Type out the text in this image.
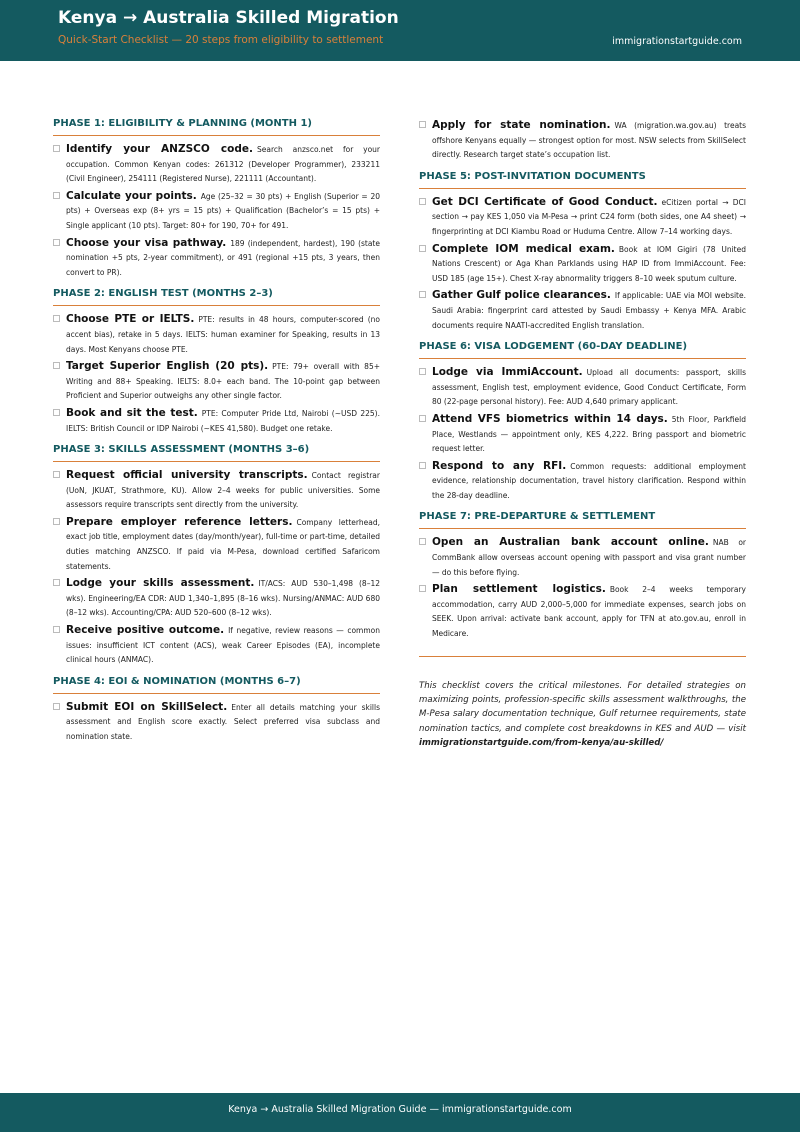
Kenya → Australia Skilled Migration
Quick-Start Checklist — 20 steps from eligibility to settlement	immigrationstartguide.com
PHASE 1: ELIGIBILITY & PLANNING (MONTH 1)
Identify your ANZSCO code. Search anzsco.net for your occupation. Common Kenyan codes: 261312 (Developer Programmer), 233211 (Civil Engineer), 254111 (Registered Nurse), 221111 (Accountant).
Calculate your points. Age (25–32 = 30 pts) + English (Superior = 20 pts) + Overseas exp (8+ yrs = 15 pts) + Qualification (Bachelor’s = 15 pts) + Single applicant (10 pts). Target: 80+ for 190, 70+ for 491.
Choose your visa pathway. 189 (independent, hardest), 190 (state nomination +5 pts, 2-year commitment), or 491 (regional +15 pts, 3 years, then convert to PR).
PHASE 2: ENGLISH TEST (MONTHS 2–3)
Choose PTE or IELTS. PTE: results in 48 hours, computer-scored (no accent bias), retake in 5 days. IELTS: human examiner for Speaking, results in 13 days. Most Kenyans choose PTE.
Target Superior English (20 pts). PTE: 79+ overall with 85+ Writing and 88+ Speaking. IELTS: 8.0+ each band. The 10-point gap between Proficient and Superior outweighs any other single factor.
Book and sit the test. PTE: Computer Pride Ltd, Nairobi (~USD 225). IELTS: British Council or IDP Nairobi (~KES 41,580). Budget one retake.
PHASE 3: SKILLS ASSESSMENT (MONTHS 3–6)
Request official university transcripts. Contact registrar (UoN, JKUAT, Strathmore, KU). Allow 2–4 weeks for public universities. Some assessors require transcripts sent directly from the university.
Prepare employer reference letters. Company letterhead, exact job title, employment dates (day/month/year), full-time or part-time, detailed duties matching ANZSCO. If paid via M-Pesa, download certified Safaricom statements.
Lodge your skills assessment. IT/ACS: AUD 530–1,498 (8–12 wks). Engineering/EA CDR: AUD 1,340–1,895 (8–16 wks). Nursing/ANMAC: AUD 680 (8–12 wks). Accounting/CPA: AUD 520–600 (8–12 wks).
Receive positive outcome. If negative, review reasons — common issues: insufficient ICT content (ACS), weak Career Episodes (EA), incomplete clinical hours (ANMAC).
PHASE 4: EOI & NOMINATION (MONTHS 6–7)
Submit EOI on SkillSelect. Enter all details matching your skills assessment and English score exactly. Select preferred visa subclass and nomination state.
Apply for state nomination. WA (migration.wa.gov.au) treats offshore Kenyans equally — strongest option for most. NSW selects from SkillSelect directly. Research target state’s occupation list.
PHASE 5: POST-INVITATION DOCUMENTS
Get DCI Certificate of Good Conduct. eCitizen portal → DCI section → pay KES 1,050 via M-Pesa → print C24 form (both sides, one A4 sheet) → fingerprinting at DCI Kiambu Road or Huduma Centre. Allow 7–14 working days.
Complete IOM medical exam. Book at IOM Gigiri (78 United Nations Crescent) or Aga Khan Parklands using HAP ID from ImmiAccount. Fee: USD 185 (age 15+). Chest X-ray abnormality triggers 8–10 week sputum culture.
Gather Gulf police clearances. If applicable: UAE via MOI website. Saudi Arabia: fingerprint card attested by Saudi Embassy + Kenya MFA. Arabic documents require NAATI-accredited English translation.
PHASE 6: VISA LODGEMENT (60-DAY DEADLINE)
Lodge via ImmiAccount. Upload all documents: passport, skills assessment, English test, employment evidence, Good Conduct Certificate, Form 80 (22-page personal history). Fee: AUD 4,640 primary applicant.
Attend VFS biometrics within 14 days. 5th Floor, Parkfield Place, Westlands — appointment only, KES 4,222. Bring passport and biometric request letter.
Respond to any RFI. Common requests: additional employment evidence, relationship documentation, travel history clarification. Respond within the 28-day deadline.
PHASE 7: PRE-DEPARTURE & SETTLEMENT
Open an Australian bank account online. NAB or CommBank allow overseas account opening with passport and visa grant number — do this before flying.
Plan settlement logistics. Book 2–4 weeks temporary accommodation, carry AUD 2,000–5,000 for immediate expenses, search jobs on SEEK. Upon arrival: activate bank account, apply for TFN at ato.gov.au, enroll in Medicare.
This checklist covers the critical milestones. For detailed strategies on maximizing points, profession-specific skills assessment walkthroughs, the M-Pesa salary documentation technique, Gulf returnee requirements, state nomination tactics, and complete cost breakdowns in KES and AUD — visit immigrationstartguide.com/from-kenya/au-skilled/
Kenya → Australia Skilled Migration Guide — immigrationstartguide.com
